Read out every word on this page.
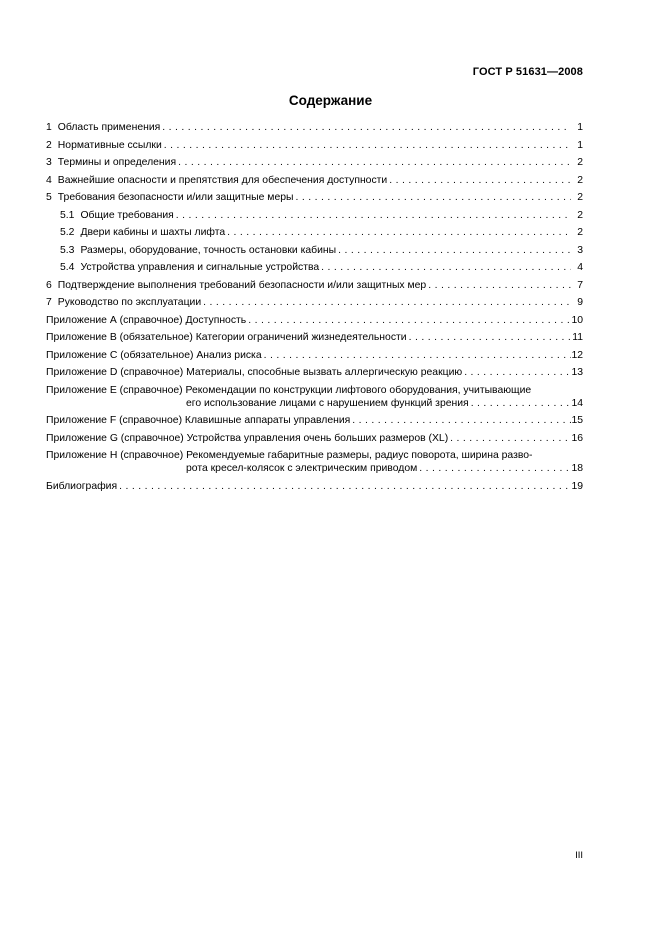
ГОСТ Р 51631—2008
Содержание
1 Область применения . . .	1
2 Нормативные ссылки . . .	1
3 Термины и определения . . .	2
4 Важнейшие опасности и препятствия для обеспечения доступности . . .	2
5 Требования безопасности и/или защитные меры . . .	2
5.1 Общие требования . . .	2
5.2 Двери кабины и шахты лифта . . .	2
5.3 Размеры, оборудование, точность остановки кабины . . .	3
5.4 Устройства управления и сигнальные устройства . . .	4
6 Подтверждение выполнения требований безопасности и/или защитных мер . . .	7
7 Руководство по эксплуатации . . .	9
Приложение А (справочное) Доступность . . .	10
Приложение В (обязательное) Категории ограничений жизнедеятельности . . .	11
Приложение С (обязательное) Анализ риска . . .	12
Приложение D (справочное) Материалы, способные вызвать аллергическую реакцию . . .	13
Приложение Е (справочное) Рекомендации по конструкции лифтового оборудования, учитывающие
его использование лицами с нарушением функций зрения . . .	14
Приложение F (справочное) Клавишные аппараты управления . . .	15
Приложение G (справочное) Устройства управления очень больших размеров (XL) . . .	16
Приложение Н (справочное) Рекомендуемые габаритные размеры, радиус поворота, ширина разво-
рота кресел-колясок с электрическим приводом . . .	18
Библиография . . .	19
III
